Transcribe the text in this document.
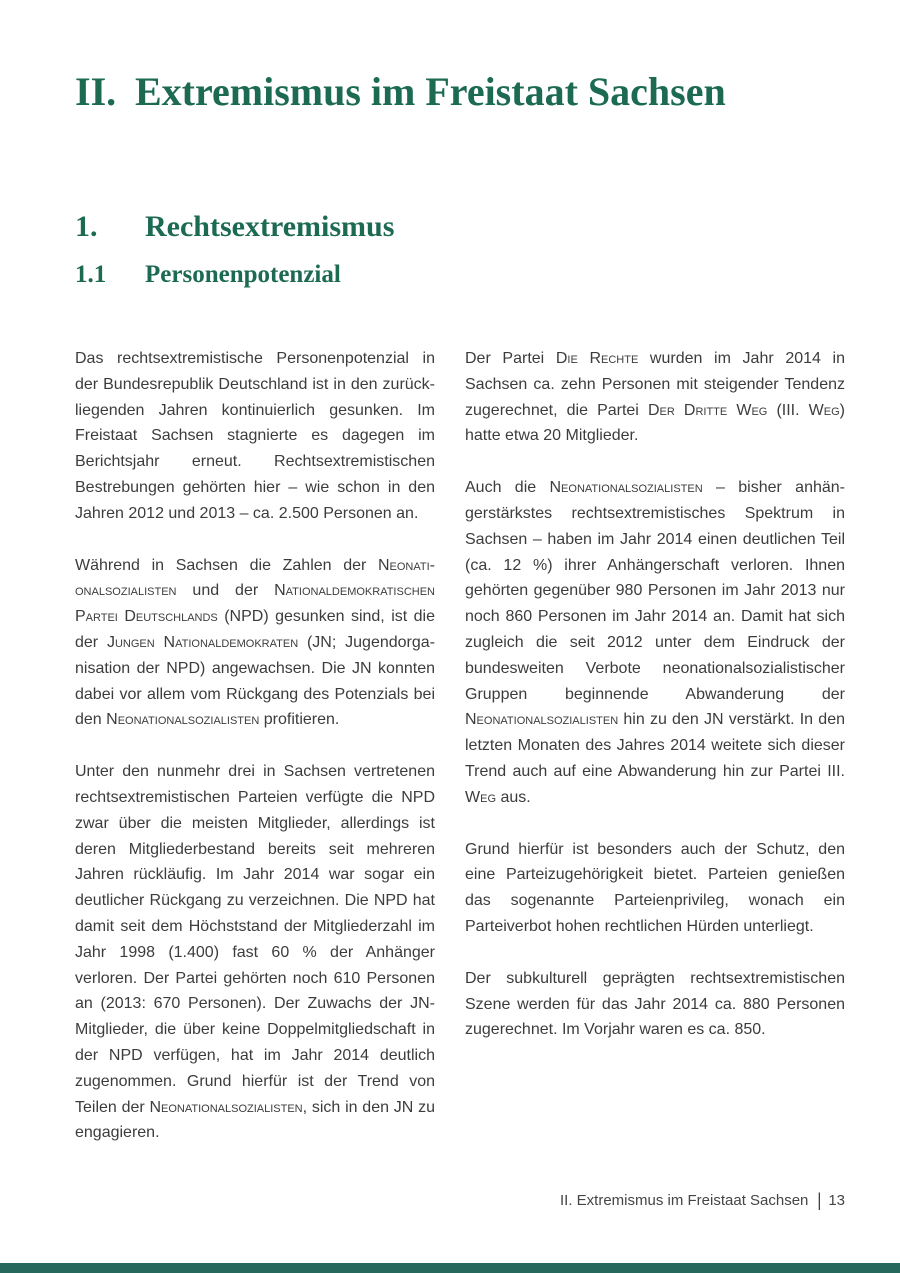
II. Extremismus im Freistaat Sachsen
1.	Rechtsextremismus
1.1	Personenpotenzial

Das rechtsextremistische Personenpotenzial in der Bundesrepublik Deutschland ist in den zurückliegenden Jahren kontinuierlich gesunken. Im Freistaat Sachsen stagnierte es dagegen im Berichtsjahr erneut. Rechtsextremistischen Bestrebungen gehörten hier – wie schon in den Jahren 2012 und 2013 – ca. 2.500 Personen an.

Während in Sachsen die Zahlen der Neonationalsozialisten und der Nationaldemokratischen Partei Deutschlands (NPD) gesunken sind, ist die der Jungen Nationaldemokraten (JN; Jugendorganisation der NPD) angewachsen. Die JN konnten dabei vor allem vom Rückgang des Potenzials bei den Neonationalsozialisten profitieren.

Unter den nunmehr drei in Sachsen vertretenen rechtsextremistischen Parteien verfügte die NPD zwar über die meisten Mitglieder, allerdings ist deren Mitgliederbestand bereits seit mehreren Jahren rückläufig. Im Jahr 2014 war sogar ein deutlicher Rückgang zu verzeichnen. Die NPD hat damit seit dem Höchststand der Mitgliederzahl im Jahr 1998 (1.400) fast 60 % der Anhänger verloren. Der Partei gehörten noch 610 Personen an (2013: 670 Personen). Der Zuwachs der JN-Mitglieder, die über keine Doppelmitgliedschaft in der NPD verfügen, hat im Jahr 2014 deutlich zugenommen. Grund hierfür ist der Trend von Teilen der Neonationalsozialisten, sich in den JN zu engagieren.

Der Partei Die Rechte wurden im Jahr 2014 in Sachsen ca. zehn Personen mit steigender Tendenz zugerechnet, die Partei Der Dritte Weg (III. Weg) hatte etwa 20 Mitglieder.

Auch die Neonationalsozialisten – bisher anhängerstärkstes rechtsextremistisches Spektrum in Sachsen – haben im Jahr 2014 einen deutlichen Teil (ca. 12 %) ihrer Anhängerschaft verloren. Ihnen gehörten gegenüber 980 Personen im Jahr 2013 nur noch 860 Personen im Jahr 2014 an. Damit hat sich zugleich die seit 2012 unter dem Eindruck der bundesweiten Verbote neonationalsozialistischer Gruppen beginnende Abwanderung der Neonationalsozialisten hin zu den JN verstärkt. In den letzten Monaten des Jahres 2014 weitete sich dieser Trend auch auf eine Abwanderung hin zur Partei III. Weg aus.

Grund hierfür ist besonders auch der Schutz, den eine Parteizugehörigkeit bietet. Parteien genießen das sogenannte Parteienprivileg, wonach ein Parteiverbot hohen rechtlichen Hürden unterliegt.

Der subkulturell geprägten rechtsextremistischen Szene werden für das Jahr 2014 ca. 880 Personen zugerechnet. Im Vorjahr waren es ca. 850.

II. Extremismus im Freistaat Sachsen | 13
